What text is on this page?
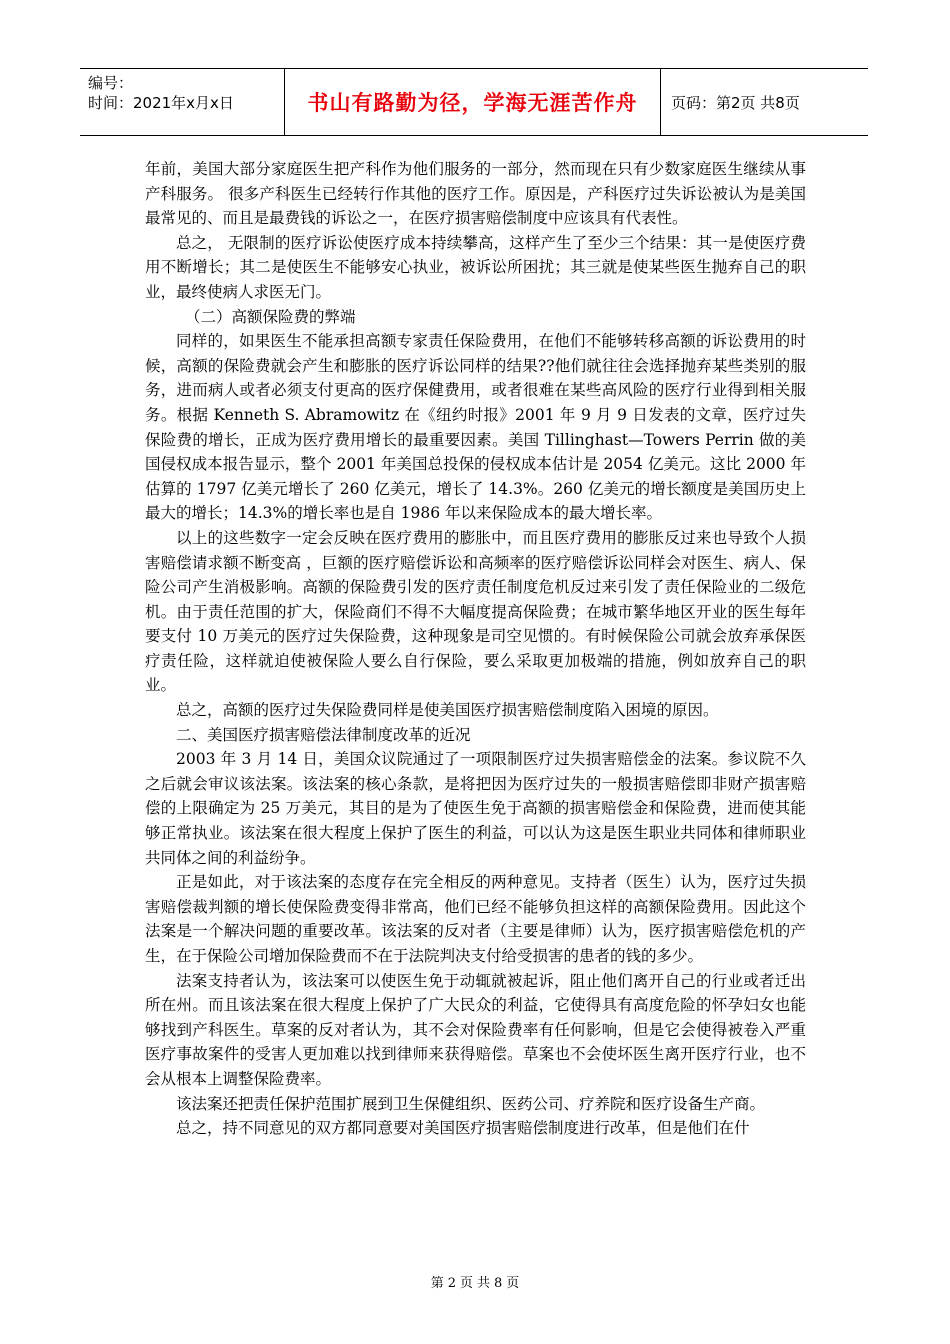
编号：
时间：2021年x月x日	书山有路勤为径，学海无涯苦作舟 页码：第2页 共8页

年前，美国大部分家庭医生把产科作为他们服务的一部分，然而现在只有少数家庭医生继续从事产科服务。 很多产科医生已经转行作其他的医疗工作。原因是，产科医疗过失诉讼被认为是美国最常见的、而且是最费钱的诉讼之一，在医疗损害赔偿制度中应该具有代表性。

总之， 无限制的医疗诉讼使医疗成本持续攀高，这样产生了至少三个结果：其一是使医疗费用不断增长；其二是使医生不能够安心执业，被诉讼所困扰；其三就是使某些医生抛弃自己的职业，最终使病人求医无门。

（二）高额保险费的弊端

同样的，如果医生不能承担高额专家责任保险费用，在他们不能够转移高额的诉讼费用的时候，高额的保险费就会产生和膨胀的医疗诉讼同样的结果??他们就往往会选择抛弃某些类别的服务，进而病人或者必须支付更高的医疗保健费用，或者很难在某些高风险的医疗行业得到相关服务。根据 Kenneth S. Abramowitz 在《纽约时报》2001 年 9 月 9 日发表的文章，医疗过失保险费的增长，正成为医疗费用增长的最重要因素。美国 Tillinghast—Towers Perrin 做的美国侵权成本报告显示，整个 2001 年美国总投保的侵权成本估计是 2054 亿美元。这比 2000 年估算的 1797 亿美元增长了 260 亿美元，增长了 14.3%。260 亿美元的增长额度是美国历史上最大的增长；14.3%的增长率也是自 1986 年以来保险成本的最大增长率。

以上的这些数字一定会反映在医疗费用的膨胀中，而且医疗费用的膨胀反过来也导致个人损害赔偿请求额不断变高 ，巨额的医疗赔偿诉讼和高频率的医疗赔偿诉讼同样会对医生、病人、保险公司产生消极影响。高额的保险费引发的医疗责任制度危机反过来引发了责任保险业的二级危机。由于责任范围的扩大，保险商们不得不大幅度提高保险费；在城市繁华地区开业的医生每年要支付 10 万美元的医疗过失保险费，这种现象是司空见惯的。有时候保险公司就会放弃承保医疗责任险，这样就迫使被保险人要么自行保险，要么采取更加极端的措施，例如放弃自己的职业。

总之，高额的医疗过失保险费同样是使美国医疗损害赔偿制度陷入困境的原因。

二、美国医疗损害赔偿法律制度改革的近况

2003 年 3 月 14 日，美国众议院通过了一项限制医疗过失损害赔偿金的法案。参议院不久之后就会审议该法案。该法案的核心条款，是将把因为医疗过失的一般损害赔偿即非财产损害赔偿的上限确定为 25 万美元，其目的是为了使医生免于高额的损害赔偿金和保险费，进而使其能够正常执业。该法案在很大程度上保护了医生的利益，可以认为这是医生职业共同体和律师职业共同体之间的利益纷争。

正是如此，对于该法案的态度存在完全相反的两种意见。支持者（医生）认为，医疗过失损害赔偿裁判额的增长使保险费变得非常高，他们已经不能够负担这样的高额保险费用。因此这个法案是一个解决问题的重要改革。该法案的反对者（主要是律师）认为，医疗损害赔偿危机的产生，在于保险公司增加保险费而不在于法院判决支付给受损害的患者的钱的多少。

法案支持者认为，该法案可以使医生免于动辄就被起诉，阻止他们离开自己的行业或者迁出所在州。而且该法案在很大程度上保护了广大民众的利益，它使得具有高度危险的怀孕妇女也能够找到产科医生。草案的反对者认为，其不会对保险费率有任何影响，但是它会使得被卷入严重医疗事故案件的受害人更加难以找到律师来获得赔偿。草案也不会使坏医生离开医疗行业，也不会从根本上调整保险费率。

该法案还把责任保护范围扩展到卫生保健组织、医药公司、疗养院和医疗设备生产商。

总之，持不同意见的双方都同意要对美国医疗损害赔偿制度进行改革，但是他们在什

第 2 页 共 8 页
